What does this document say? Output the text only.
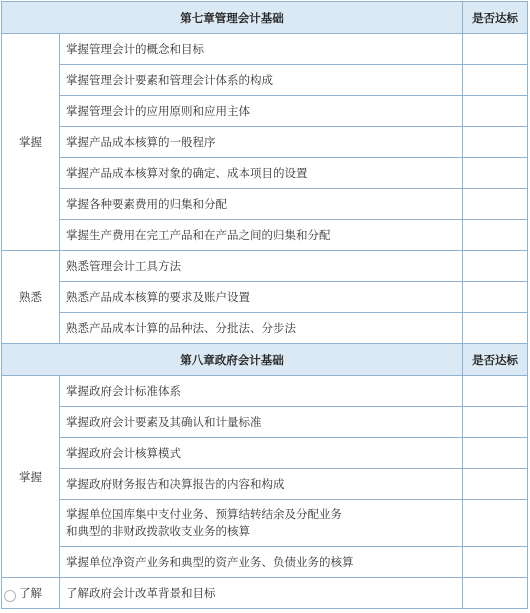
第七章管理会计基础		是否达标
掌握	掌握管理会计的概念和目标	
	掌握管理会计要素和管理会计体系的构成	
	掌握管理会计的应用原则和应用主体	
	掌握产品成本核算的一般程序	
	掌握产品成本核算对象的确定、成本项目的设置	
	掌握各种要素费用的归集和分配	
	掌握生产费用在完工产品和在产品之间的归集和分配	
熟悉	熟悉管理会计工具方法	
	熟悉产品成本核算的要求及账户设置	
	熟悉产品成本计算的品种法、分批法、分步法	
第八章政府会计基础		是否达标
掌握	掌握政府会计标准体系	
	掌握政府会计要素及其确认和计量标准	
	掌握政府会计核算模式	
	掌握政府财务报告和决算报告的内容和构成	

	掌握单位国库集中支付业务、预算结转结余及分配业务
和典型的非财政拨款收支业务的核算	

	掌握单位净资产业务和典型的资产业务、负债业务的核算	
了解	了解政府会计改革背景和目标	
